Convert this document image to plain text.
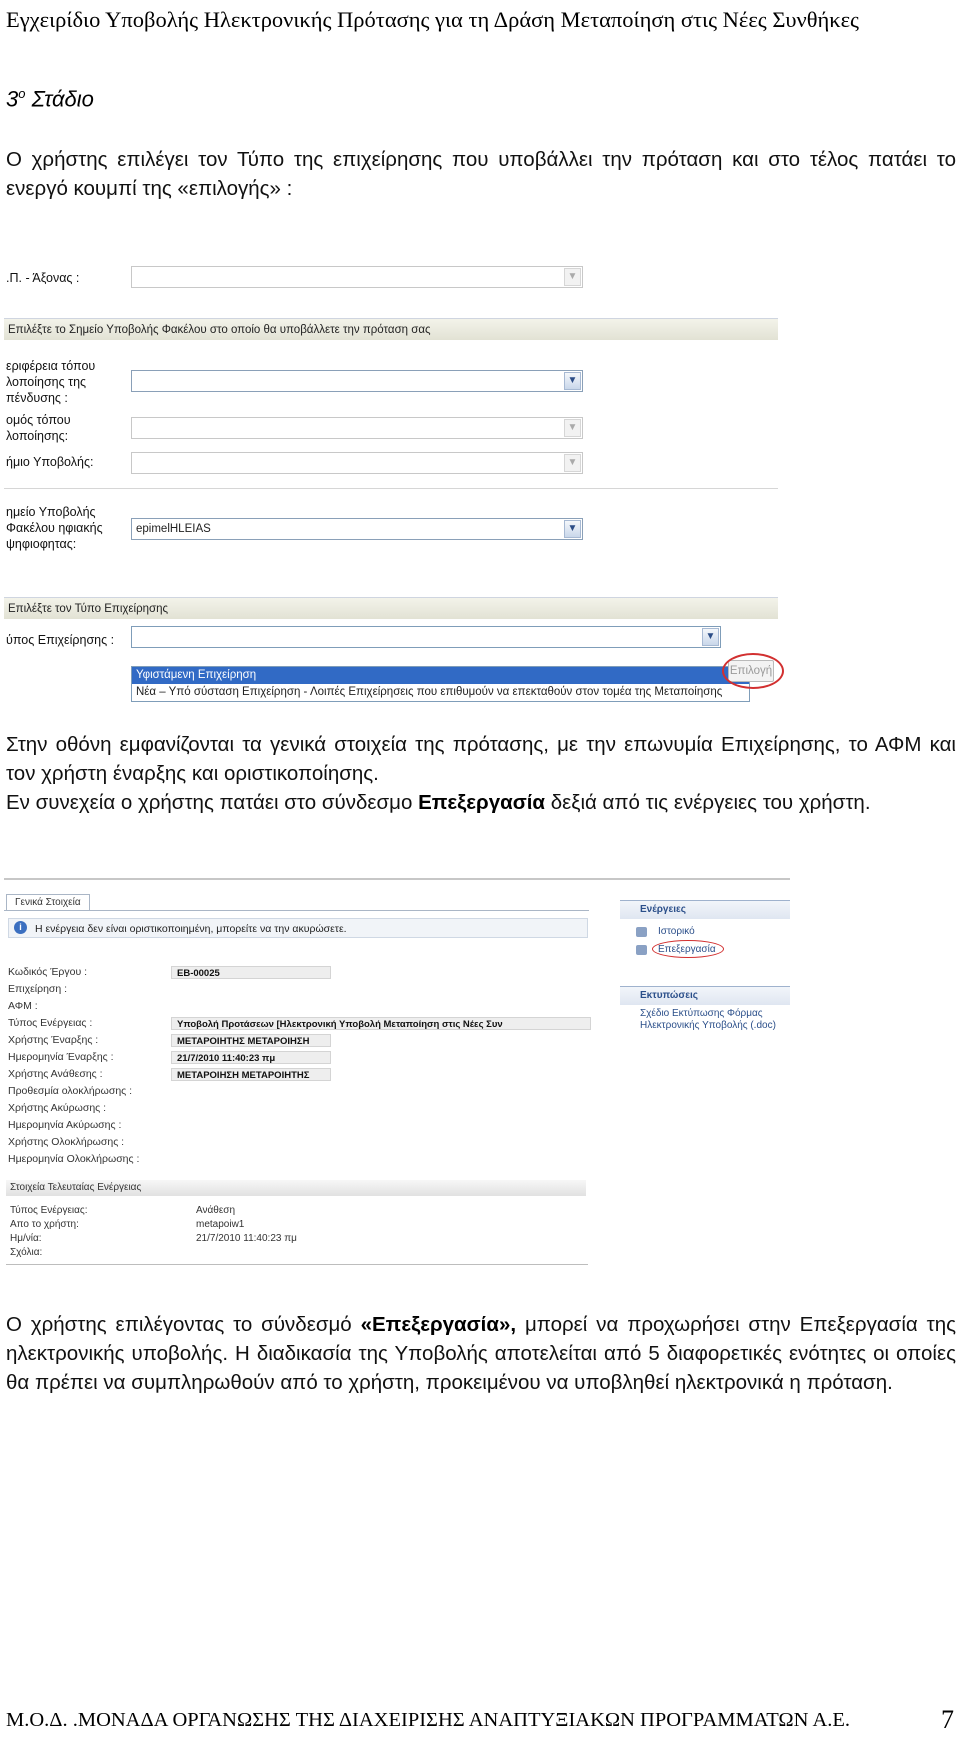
Εγχειρίδιο Υποβολής Ηλεκτρονικής Πρότασης για τη Δράση Μεταποίηση στις Νέες Συνθήκες
$3^o$ Στάδιο
Ο χρήστης επιλέγει τον Τύπο της επιχείρησης που υποβάλλει την πρόταση και στο τέλος πατάει το ενεργό κουμπί της «επιλογής» :
.Π. - Άξονας :	▼
Επιλέξτε το Σημείο Υποβολής Φακέλου στο οποίο θα υποβάλλετε την πρόταση σας
εριφέρεια τόπου λοποίησης της πένδυσης :
▼
ομός τόπου λοποίησης:
▼
ήμιο Υποβολής:	▼
ημείο Υποβολής Φακέλου ηφιακής ψηφιοφητας:
epimelHLEIAS	▼
Επιλέξτε τον Τύπο Επιχείρησης
ύπος Επιχείρησης :	▼
Υφιστάμενη Επιχείρηση
Νέα – Υπό σύσταση Επιχείρηση - Λοιπές Επιχείρησεις που επιθυμούν να επεκταθούν στον τομέα της Μεταποίησης
Επιλογή
Στην οθόνη εμφανίζονται τα γενικά στοιχεία της πρότασης, με την επωνυμία Επιχείρησης, το ΑΦΜ και τον χρήστη έναρξης και οριστικοποίησης.
Εν συνεχεία ο χρήστης πατάει στο σύνδεσμο Επεξεργασία δεξιά από τις ενέργειες του χρήστη.
Γενικά Στοιχεία
Η ενέργεια δεν είναι οριστικοποιημένη, μπορείτε να την ακυρώσετε.
i
Κωδικός Έργου :	EB-00025
Επιχείρηση :
ΑΦΜ :
Τύπος Ενέργειας :	Υποβολή Προτάσεων [Ηλεκτρονική Υποβολή Μεταποίηση στις Νέες Συν
Χρήστης Έναρξης :	ΜΕΤΑΡΟΙΗΤΗΣ ΜΕΤΑΡΟΙΗΣΗ
Ημερομηνία Έναρξης :	21/7/2010 11:40:23 πμ
Χρήστης Ανάθεσης :	ΜΕΤΑΡΟΙΗΣΗ ΜΕΤΑΡΟΙΗΤΗΣ
Προθεσμία ολοκλήρωσης :
Χρήστης Ακύρωσης :
Ημερομηνία Ακύρωσης :
Χρήστης Ολοκλήρωσης :
Ημερομηνία Ολοκλήρωσης :
Στοιχεία Τελευταίας Ενέργειας
Τύπος Ενέργειας:	Ανάθεση
Απο το χρήστη:	metapoiw1
Ημ/νία:	21/7/2010 11:40:23 πμ
Σχόλια:
Ενέργειες
Ιστορικό
Επεξεργασία
Εκτυπώσεις
Σχέδιο Εκτύπωσης Φόρμας Ηλεκτρονικής Υποβολής (.doc)
Ο χρήστης επιλέγοντας το σύνδεσμό «Επεξεργασία», μπορεί να προχωρήσει στην Επεξεργασία της ηλεκτρονικής υποβολής. Η διαδικασία της Υποβολής αποτελείται από 5 διαφορετικές ενότητες οι οποίες θα πρέπει να συμπληρωθούν από το χρήστη, προκειμένου να υποβληθεί ηλεκτρονικά η πρόταση.
Μ.Ο.Δ. .ΜΟΝΑΔΑ ΟΡΓΑΝΩΣΗΣ ΤΗΣ ΔΙΑΧΕΙΡΙΣΗΣ ΑΝΑΠΤΥΞΙΑΚΩΝ ΠΡΟΓΡΑΜΜΑΤΩΝ Α.Ε.	7
